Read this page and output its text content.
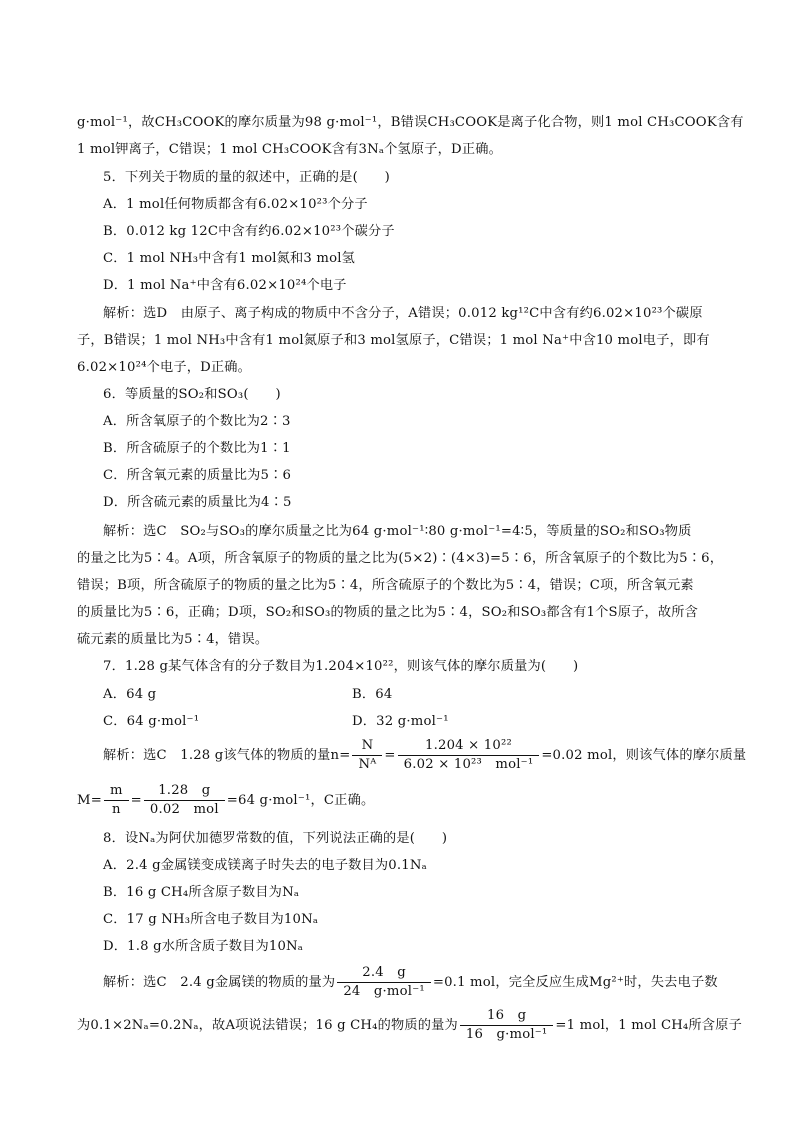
g·mol⁻¹，故CH₃COOK的摩尔质量为98 g·mol⁻¹，B错误CH₃COOK是离子化合物，则1 mol CH₃COOK含有
1 mol钾离子，C错误；1 mol CH₃COOK含有3Nₐ个氢原子，D正确。
5．下列关于物质的量的叙述中，正确的是(　　)
A．1 mol任何物质都含有6.02×10²³个分子
B．0.012 kg 12C中含有约6.02×10²³个碳分子
C．1 mol NH₃中含有1 mol氮和3 mol氢
D．1 mol Na⁺中含有6.02×10²⁴个电子
解析：选D　由原子、离子构成的物质中不含分子，A错误；0.012 kg¹²C中含有约6.02×10²³个碳原
子，B错误；1 mol NH₃中含有1 mol氮原子和3 mol氢原子，C错误；1 mol Na⁺中含10 mol电子，即有
6.02×10²⁴个电子，D正确。
6．等质量的SO₂和SO₃(　　)
A．所含氧原子的个数比为2∶3
B．所含硫原子的个数比为1∶1
C．所含氧元素的质量比为5∶6
D．所含硫元素的质量比为4∶5
解析：选C　SO₂与SO₃的摩尔质量之比为64 g·mol⁻¹∶80 g·mol⁻¹=4∶5，等质量的SO₂和SO₃物质
的量之比为5∶4。A项，所含氧原子的物质的量之比为(5×2)∶(4×3)=5∶6，所含氧原子的个数比为5∶6，
错误；B项，所含硫原子的物质的量之比为5∶4，所含硫原子的个数比为5∶4，错误；C项，所含氧元素
的质量比为5∶6，正确；D项，SO₂和SO₃的物质的量之比为5∶4，SO₂和SO₃都含有1个S原子，故所含
硫元素的质量比为5∶4，错误。
7．1.28 g某气体含有的分子数目为1.204×10²²，则该气体的摩尔质量为(　　)
A．64 g	B．64
C．64 g·mol⁻¹	D．32 g·mol⁻¹
解析：选C　1.28 g该气体的物质的量$n= \frac{N}{\text{Nᴬ}} = \frac{\text{1.204 × 10²²}}{\text{6.02 × 10²³　mol⁻¹}} =0.02$ mol，则该气体的摩尔质量
$M= \frac{m}{n} = \frac{1.28 g}{\text{0.02　mol}} =64$ g·mol⁻¹，C正确。
8．设Nₐ为阿伏加德罗常数的值，下列说法正确的是(　　)
A．2.4 g金属镁变成镁离子时失去的电子数目为0.1Nₐ
B．16 g CH₄所含原子数目为Nₐ
C．17 g NH₃所含电子数目为10Nₐ
D．1.8 g水所含质子数目为10Nₐ
解析：选C　2.4 g金属镁的物质的量为 $\frac{2.4 g}{\text{24　g·mol⁻¹}} =0.1$ mol，完全反应生成Mg²⁺时，失去电子数
为0.1×2Nₐ=0.2Nₐ，故A项说法错误；16 g CH₄的物质的量为 $\frac{16 g}{\text{16　g·mol⁻¹}} =1$ mol，1 mol CH₄所含原子
